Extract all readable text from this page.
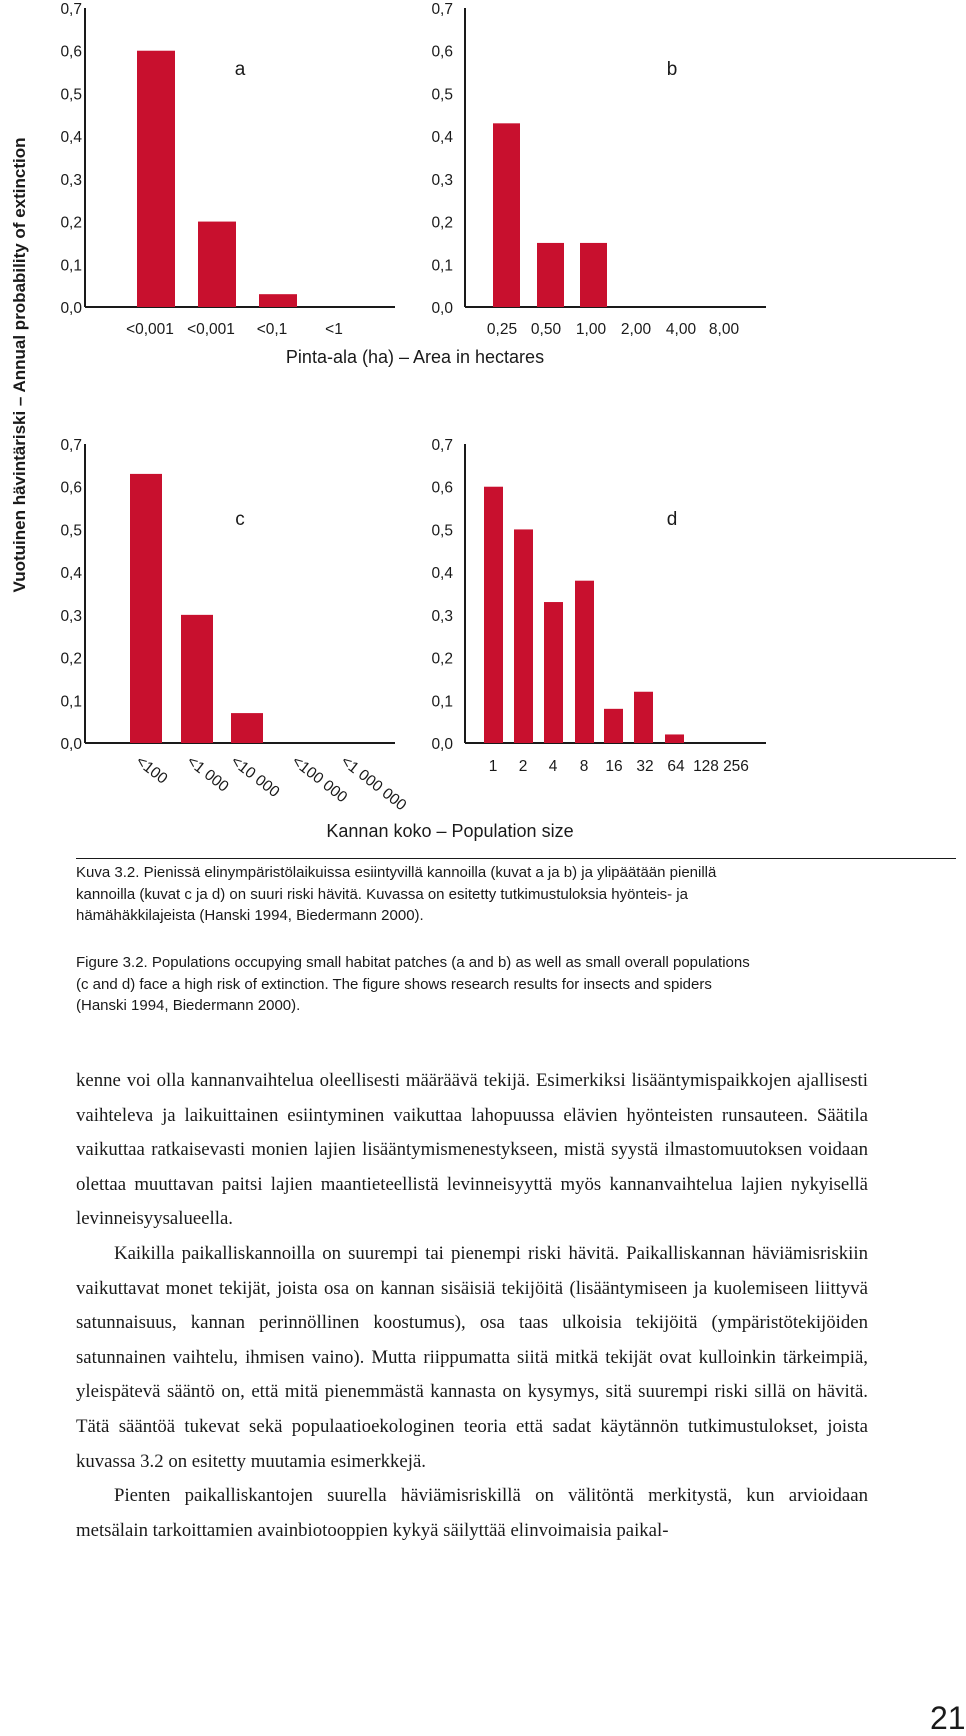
Vuotuinen hävintäriski – Annual probability of extinction 0,0
0,1
0,2
0,3
0,4
0,5
0,6
0,7
<0,001 <0,001 <0,1 <1
a
0,0
0,1
0,2
0,3
0,4
0,5
0,6
0,7
0,25 0,50 1,00 2,00 4,00 8,00
b
0,0
0,1
0,2
0,3
0,4
0,5
0,6
0,7
<100 <1 000
<10 000 <100 000
<1 000 000
c
0,0
0,1
0,2
0,3
0,4
0,5
0,6
0,7
1 2 4 8 16 32 64 128 256
d
Pinta-ala (ha) – Area in hectares
Kannan koko – Population size
Kuva 3.2. Pienissä elinympäristölaikuissa esiintyvillä kannoilla (kuvat a ja b) ja ylipäätään pienillä kannoilla (kuvat c ja d) on suuri riski hävitä. Kuvassa on esitetty tutkimustuloksia hyönteis- ja hämähäkkilajeista (Hanski 1994, Biedermann 2000).
Figure 3.2. Populations occupying small habitat patches (a and b) as well as small overall populations (c and d) face a high risk of extinction. The figure shows research results for insects and spiders (Hanski 1994, Biedermann 2000).

kenne voi olla kannanvaihtelua oleellisesti määräävä tekijä. Esimerkiksi lisääntymispaikkojen ajallisesti vaihteleva ja laikuittainen esiintyminen vaikuttaa lahopuussa elävien hyönteisten runsauteen. Säätila vaikuttaa ratkaisevasti monien lajien lisääntymismenestykseen, mistä syystä ilmastomuutoksen voidaan olettaa muuttavan paitsi lajien maantieteellistä levinneisyyttä myös kannanvaihtelua lajien nykyisellä levinneisyysalueella.

Kaikilla paikalliskannoilla on suurempi tai pienempi riski hävitä. Paikalliskannan häviämisriskiin vaikuttavat monet tekijät, joista osa on kannan sisäisiä tekijöitä (lisääntymiseen ja kuolemiseen liittyvä satunnaisuus, kannan perinnöllinen koostumus), osa taas ulkoisia tekijöitä (ympäristötekijöiden satunnainen vaihtelu, ihmisen vaino). Mutta riippumatta siitä mitkä tekijät ovat kulloinkin tärkeimpiä, yleispätevä sääntö on, että mitä pienemmästä kannasta on kysymys, sitä suurempi riski sillä on hävitä. Tätä sääntöä tukevat sekä populaatioekologinen teoria että sadat käytännön tutkimustulokset, joista kuvassa 3.2 on esitetty muutamia esimerkkejä.

Pienten paikalliskantojen suurella häviämisriskillä on välitöntä merkitystä, kun arvioidaan metsälain tarkoittamien avainbiotooppien kykyä säilyttää elinvoimaisia paikal-

21
